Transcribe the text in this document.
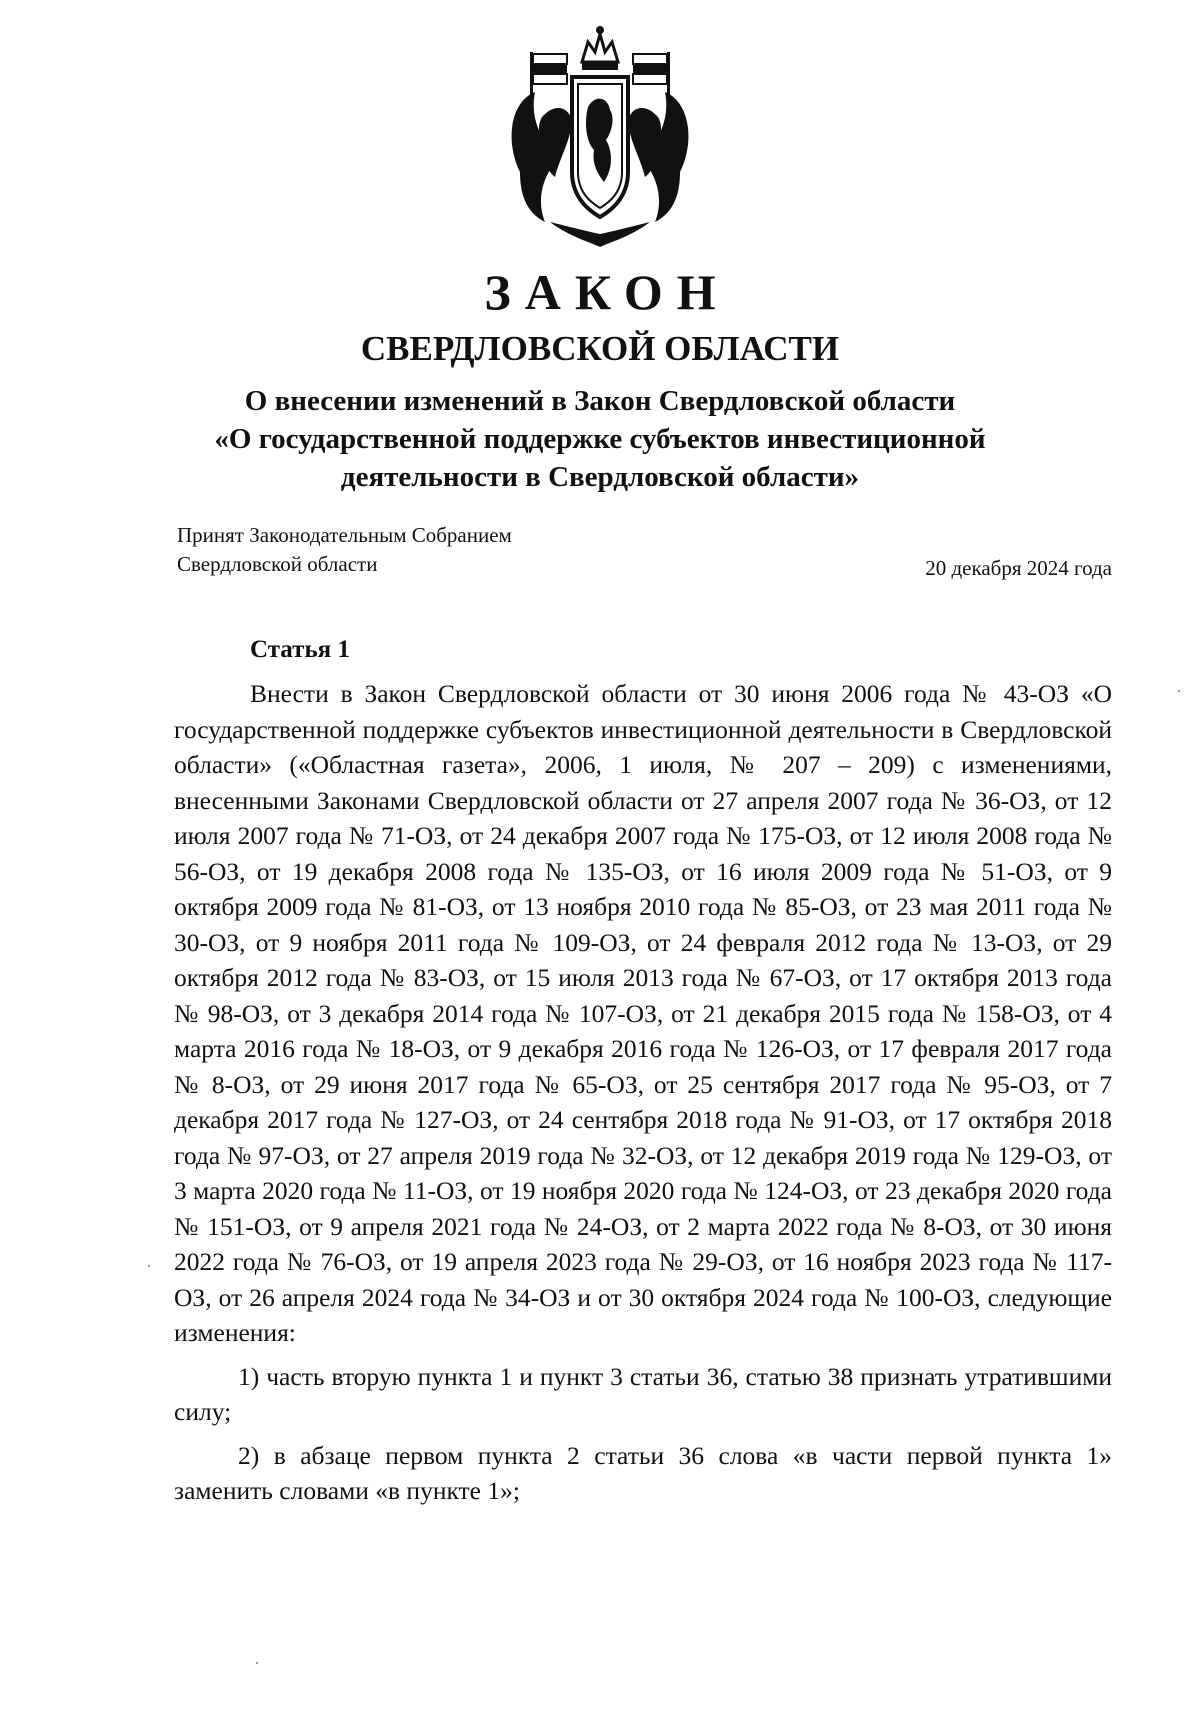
ЗАКОН
СВЕРДЛОВСКОЙ ОБЛАСТИ
О внесении изменений в Закон Свердловской области
«О государственной поддержке субъектов инвестиционной
деятельности в Свердловской области»
Принят Законодательным Собранием
Свердловской области	20 декабря 2024 года
Статья 1

Внести в Закон Свердловской области от 30 июня 2006 года № 43-ОЗ «О государственной поддержке субъектов инвестиционной деятельности в Свердловской области» («Областная газета», 2006, 1 июля, № 207 – 209) с изменениями, внесенными Законами Свердловской области от 27 апреля 2007 года № 36-ОЗ, от 12 июля 2007 года № 71-ОЗ, от 24 декабря 2007 года № 175-ОЗ, от 12 июля 2008 года № 56-ОЗ, от 19 декабря 2008 года № 135-ОЗ, от 16 июля 2009 года № 51-ОЗ, от 9 октября 2009 года № 81-ОЗ, от 13 ноября 2010 года № 85-ОЗ, от 23 мая 2011 года № 30-ОЗ, от 9 ноября 2011 года № 109-ОЗ, от 24 февраля 2012 года № 13-ОЗ, от 29 октября 2012 года № 83-ОЗ, от 15 июля 2013 года № 67-ОЗ, от 17 октября 2013 года № 98-ОЗ, от 3 декабря 2014 года № 107-ОЗ, от 21 декабря 2015 года № 158-ОЗ, от 4 марта 2016 года № 18-ОЗ, от 9 декабря 2016 года № 126-ОЗ, от 17 февраля 2017 года № 8-ОЗ, от 29 июня 2017 года № 65-ОЗ, от 25 сентября 2017 года № 95-ОЗ, от 7 декабря 2017 года № 127-ОЗ, от 24 сентября 2018 года № 91-ОЗ, от 17 октября 2018 года № 97-ОЗ, от 27 апреля 2019 года № 32-ОЗ, от 12 декабря 2019 года № 129-ОЗ, от 3 марта 2020 года № 11-ОЗ, от 19 ноября 2020 года № 124-ОЗ, от 23 декабря 2020 года № 151-ОЗ, от 9 апреля 2021 года № 24-ОЗ, от 2 марта 2022 года № 8-ОЗ, от 30 июня 2022 года № 76-ОЗ, от 19 апреля 2023 года № 29-ОЗ, от 16 ноября 2023 года № 117-ОЗ, от 26 апреля 2024 года № 34-ОЗ и от 30 октября 2024 года № 100-ОЗ, следующие изменения:

1) часть вторую пункта 1 и пункт 3 статьи 36, статью 38 признать утратившими силу;

2) в абзаце первом пункта 2 статьи 36 слова «в части первой пункта 1» заменить словами «в пункте 1»;
